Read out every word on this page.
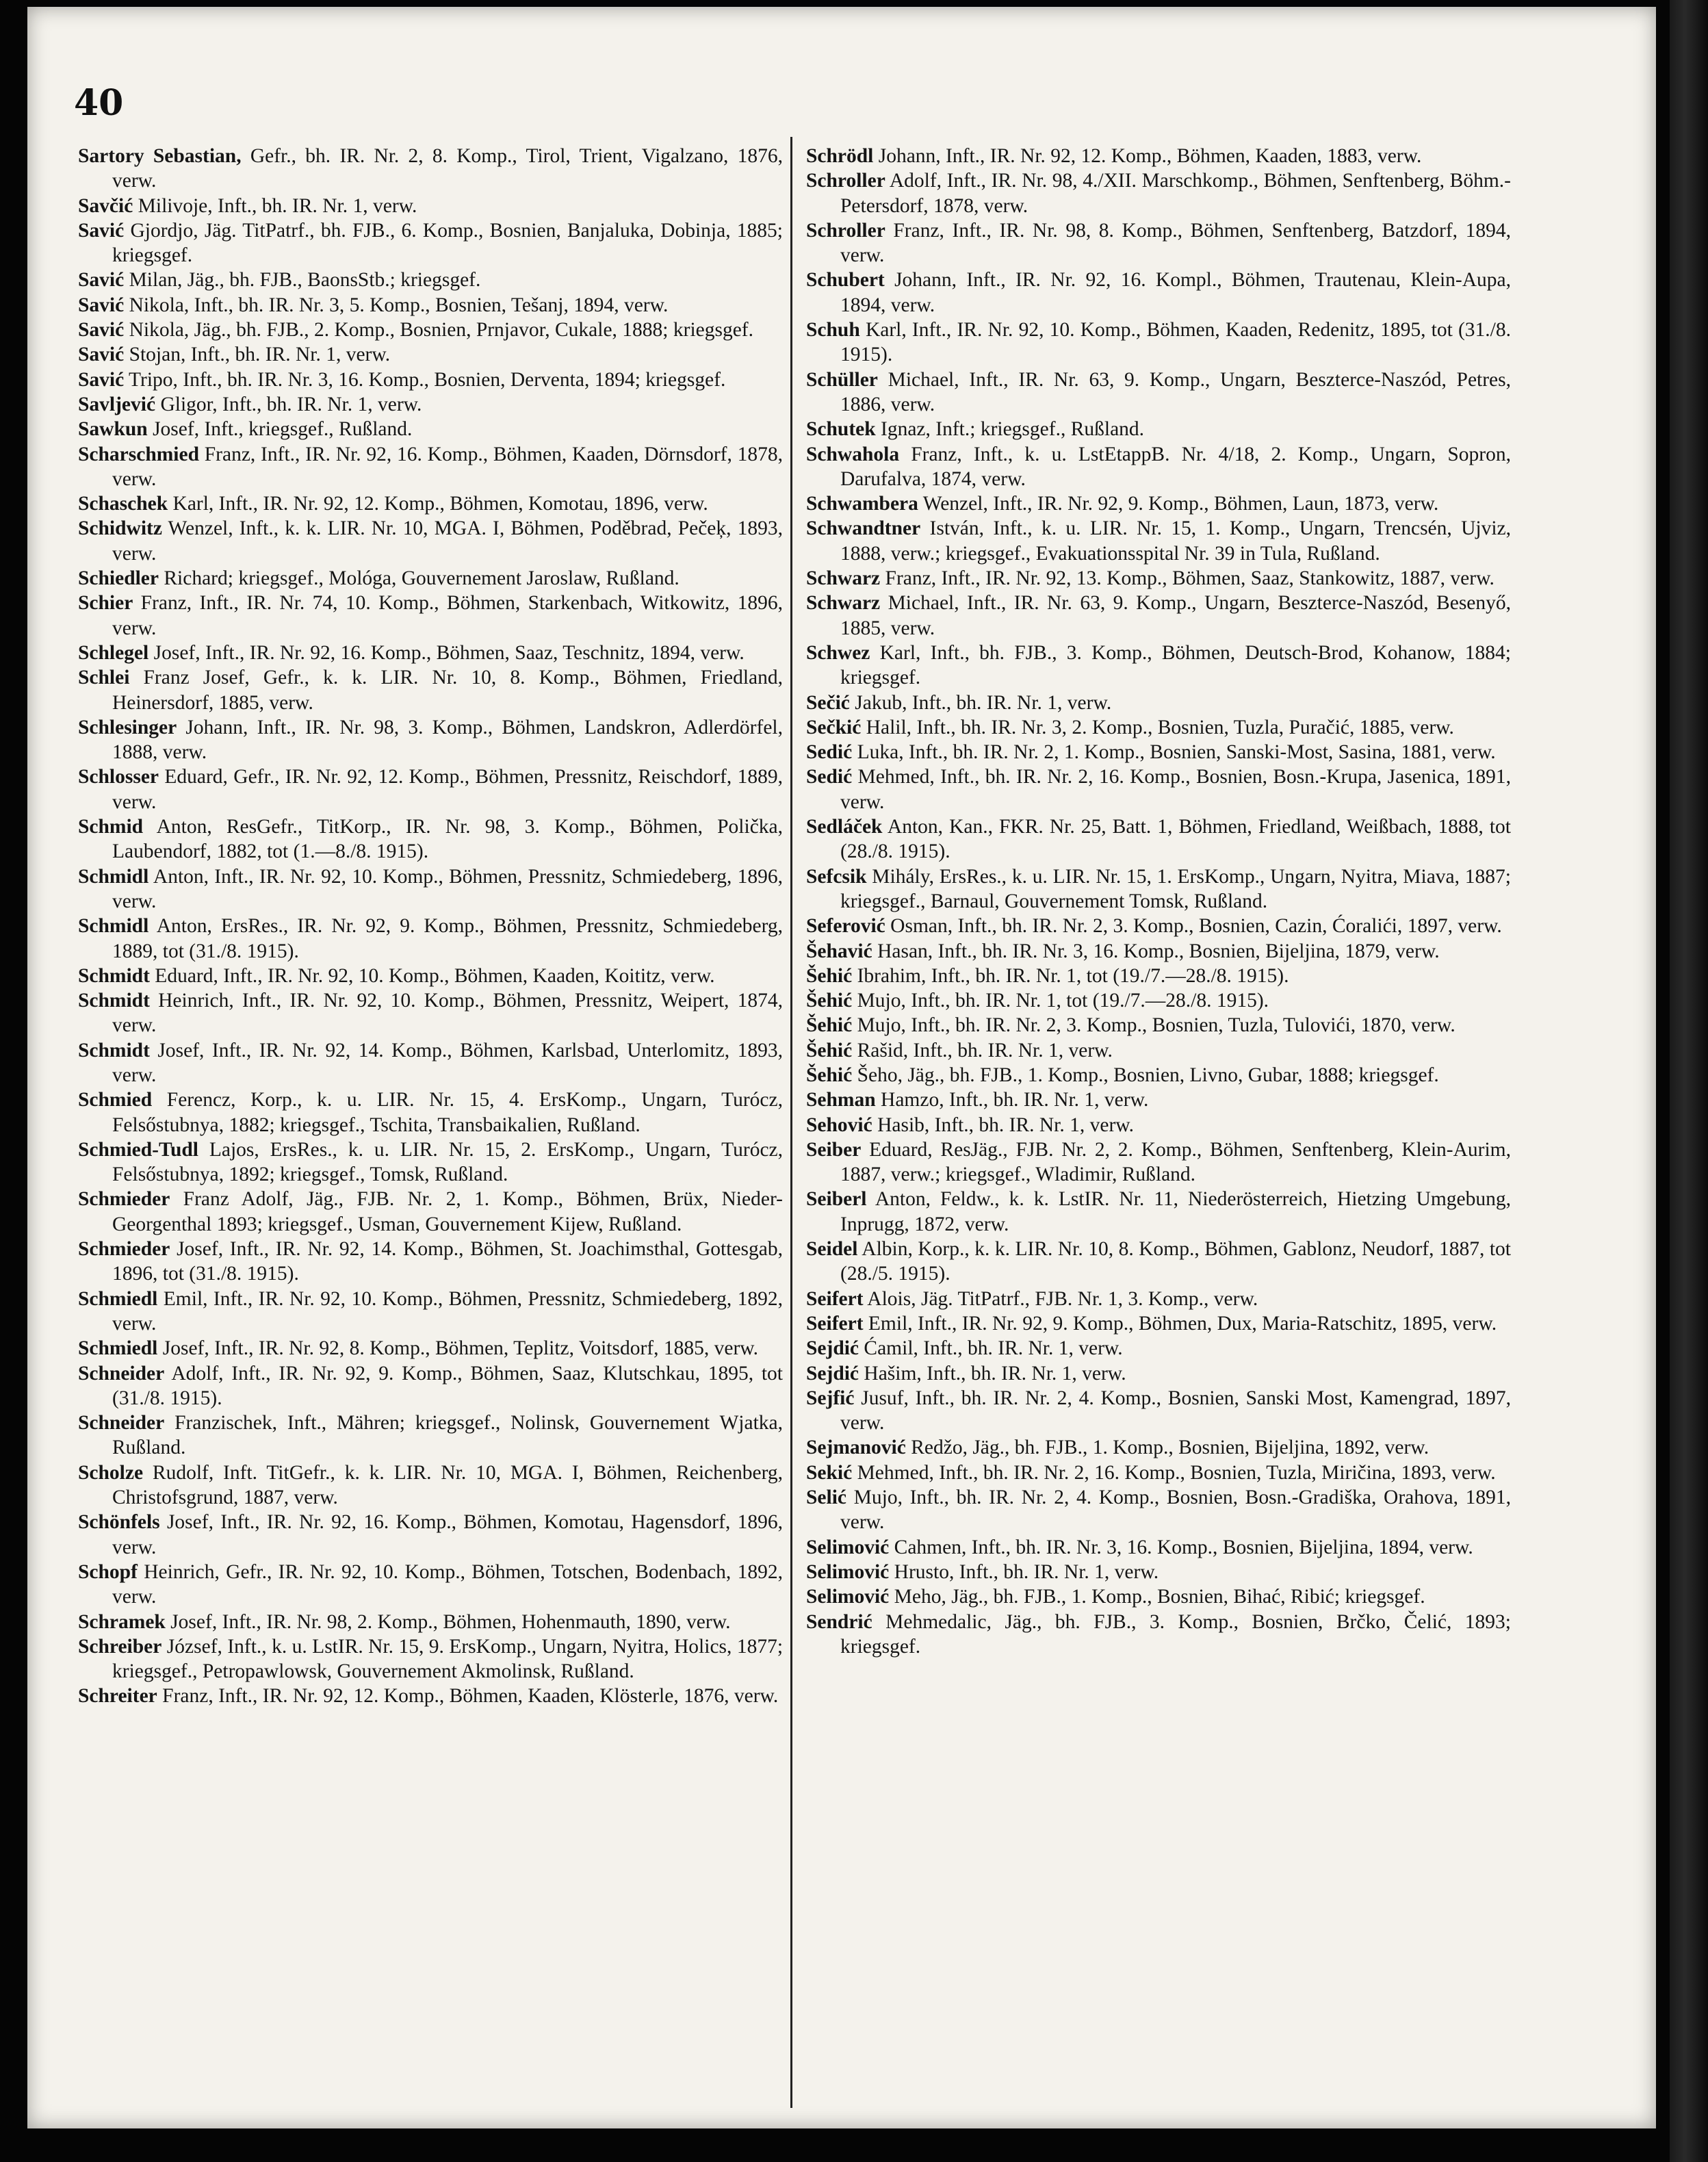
40

Sartory Sebastian, Gefr., bh. IR. Nr. 2, 8. Komp., Tirol, Trient, Vigalzano, 1876, verw.

Savčić Milivoje, Inft., bh. IR. Nr. 1, verw.

Savić Gjordjo, Jäg. TitPatrf., bh. FJB., 6. Komp., Bosnien, Banjaluka, Dobinja, 1885; kriegsgef.

Savić Milan, Jäg., bh. FJB., BaonsStb.; kriegsgef.

Savić Nikola, Inft., bh. IR. Nr. 3, 5. Komp., Bosnien, Tešanj, 1894, verw.

Savić Nikola, Jäg., bh. FJB., 2. Komp., Bosnien, Prnjavor, Cukale, 1888; kriegsgef.

Savić Stojan, Inft., bh. IR. Nr. 1, verw.

Savić Tripo, Inft., bh. IR. Nr. 3, 16. Komp., Bosnien, Derventa, 1894; kriegsgef.

Savljević Gligor, Inft., bh. IR. Nr. 1, verw.

Sawkun Josef, Inft., kriegsgef., Rußland.

Scharschmied Franz, Inft., IR. Nr. 92, 16. Komp., Böhmen, Kaaden, Dörnsdorf, 1878, verw.

Schaschek Karl, Inft., IR. Nr. 92, 12. Komp., Böhmen, Komotau, 1896, verw.

Schidwitz Wenzel, Inft., k. k. LIR. Nr. 10, MGA. I, Böhmen, Poděbrad, Pečeķ, 1893, verw.

Schiedler Richard; kriegsgef., Mológa, Gouvernement Jaroslaw, Rußland.

Schier Franz, Inft., IR. Nr. 74, 10. Komp., Böhmen, Starkenbach, Witkowitz, 1896, verw.

Schlegel Josef, Inft., IR. Nr. 92, 16. Komp., Böhmen, Saaz, Teschnitz, 1894, verw.

Schlei Franz Josef, Gefr., k. k. LIR. Nr. 10, 8. Komp., Böhmen, Friedland, Heinersdorf, 1885, verw.

Schlesinger Johann, Inft., IR. Nr. 98, 3. Komp., Böhmen, Landskron, Adlerdörfel, 1888, verw.

Schlosser Eduard, Gefr., IR. Nr. 92, 12. Komp., Böhmen, Pressnitz, Reischdorf, 1889, verw.

Schmid Anton, ResGefr., TitKorp., IR. Nr. 98, 3. Komp., Böhmen, Polička, Laubendorf, 1882, tot (1.—8./8. 1915).

Schmidl Anton, Inft., IR. Nr. 92, 10. Komp., Böhmen, Pressnitz, Schmiedeberg, 1896, verw.

Schmidl Anton, ErsRes., IR. Nr. 92, 9. Komp., Böhmen, Pressnitz, Schmiedeberg, 1889, tot (31./8. 1915).

Schmidt Eduard, Inft., IR. Nr. 92, 10. Komp., Böhmen, Kaaden, Koititz, verw.

Schmidt Heinrich, Inft., IR. Nr. 92, 10. Komp., Böhmen, Pressnitz, Weipert, 1874, verw.

Schmidt Josef, Inft., IR. Nr. 92, 14. Komp., Böhmen, Karlsbad, Unterlomitz, 1893, verw.

Schmied Ferencz, Korp., k. u. LIR. Nr. 15, 4. ErsKomp., Ungarn, Turócz, Felsőstubnya, 1882; kriegsgef., Tschita, Transbaikalien, Rußland.

Schmied-Tudl Lajos, ErsRes., k. u. LIR. Nr. 15, 2. ErsKomp., Ungarn, Turócz, Felsőstubnya, 1892; kriegsgef., Tomsk, Rußland.

Schmieder Franz Adolf, Jäg., FJB. Nr. 2, 1. Komp., Böhmen, Brüx, Nieder-Georgenthal 1893; kriegsgef., Usman, Gouvernement Kijew, Rußland.

Schmieder Josef, Inft., IR. Nr. 92, 14. Komp., Böhmen, St. Joachimsthal, Gottesgab, 1896, tot (31./8. 1915).

Schmiedl Emil, Inft., IR. Nr. 92, 10. Komp., Böhmen, Pressnitz, Schmiedeberg, 1892, verw.

Schmiedl Josef, Inft., IR. Nr. 92, 8. Komp., Böhmen, Teplitz, Voitsdorf, 1885, verw.

Schneider Adolf, Inft., IR. Nr. 92, 9. Komp., Böhmen, Saaz, Klutschkau, 1895, tot (31./8. 1915).

Schneider Franzischek, Inft., Mähren; kriegsgef., Nolinsk, Gouvernement Wjatka, Rußland.

Scholze Rudolf, Inft. TitGefr., k. k. LIR. Nr. 10, MGA. I, Böhmen, Reichenberg, Christofsgrund, 1887, verw.

Schönfels Josef, Inft., IR. Nr. 92, 16. Komp., Böhmen, Komotau, Hagensdorf, 1896, verw.

Schopf Heinrich, Gefr., IR. Nr. 92, 10. Komp., Böhmen, Totschen, Bodenbach, 1892, verw.

Schramek Josef, Inft., IR. Nr. 98, 2. Komp., Böhmen, Hohenmauth, 1890, verw.

Schreiber József, Inft., k. u. LstIR. Nr. 15, 9. ErsKomp., Ungarn, Nyitra, Holics, 1877; kriegsgef., Petropawlowsk, Gouvernement Akmolinsk, Rußland.

Schreiter Franz, Inft., IR. Nr. 92, 12. Komp., Böhmen, Kaaden, Klösterle, 1876, verw.

Schrödl Johann, Inft., IR. Nr. 92, 12. Komp., Böhmen, Kaaden, 1883, verw.

Schroller Adolf, Inft., IR. Nr. 98, 4./XII. Marschkomp., Böhmen, Senftenberg, Böhm.-Petersdorf, 1878, verw.

Schroller Franz, Inft., IR. Nr. 98, 8. Komp., Böhmen, Senftenberg, Batzdorf, 1894, verw.

Schubert Johann, Inft., IR. Nr. 92, 16. Kompl., Böhmen, Trautenau, Klein-Aupa, 1894, verw.

Schuh Karl, Inft., IR. Nr. 92, 10. Komp., Böhmen, Kaaden, Redenitz, 1895, tot (31./8. 1915).

Schüller Michael, Inft., IR. Nr. 63, 9. Komp., Ungarn, Beszterce-Naszód, Petres, 1886, verw.

Schutek Ignaz, Inft.; kriegsgef., Rußland.

Schwahola Franz, Inft., k. u. LstEtappB. Nr. 4/18, 2. Komp., Ungarn, Sopron, Darufalva, 1874, verw.

Schwambera Wenzel, Inft., IR. Nr. 92, 9. Komp., Böhmen, Laun, 1873, verw.

Schwandtner István, Inft., k. u. LIR. Nr. 15, 1. Komp., Ungarn, Trencsén, Ujviz, 1888, verw.; kriegsgef., Evakuationsspital Nr. 39 in Tula, Rußland.

Schwarz Franz, Inft., IR. Nr. 92, 13. Komp., Böhmen, Saaz, Stankowitz, 1887, verw.

Schwarz Michael, Inft., IR. Nr. 63, 9. Komp., Ungarn, Beszterce-Naszód, Besenyő, 1885, verw.

Schwez Karl, Inft., bh. FJB., 3. Komp., Böhmen, Deutsch-Brod, Kohanow, 1884; kriegsgef.

Sečić Jakub, Inft., bh. IR. Nr. 1, verw.

Sečkić Halil, Inft., bh. IR. Nr. 3, 2. Komp., Bosnien, Tuzla, Puračić, 1885, verw.

Sedić Luka, Inft., bh. IR. Nr. 2, 1. Komp., Bosnien, Sanski-Most, Sasina, 1881, verw.

Sedić Mehmed, Inft., bh. IR. Nr. 2, 16. Komp., Bosnien, Bosn.-Krupa, Jasenica, 1891, verw.

Sedláček Anton, Kan., FKR. Nr. 25, Batt. 1, Böhmen, Friedland, Weißbach, 1888, tot (28./8. 1915).

Sefcsik Mihály, ErsRes., k. u. LIR. Nr. 15, 1. ErsKomp., Ungarn, Nyitra, Miava, 1887; kriegsgef., Barnaul, Gouvernement Tomsk, Rußland.

Seferović Osman, Inft., bh. IR. Nr. 2, 3. Komp., Bosnien, Cazin, Ćoralići, 1897, verw.

Šehavić Hasan, Inft., bh. IR. Nr. 3, 16. Komp., Bosnien, Bijeljina, 1879, verw.

Šehić Ibrahim, Inft., bh. IR. Nr. 1, tot (19./7.—28./8. 1915).

Šehić Mujo, Inft., bh. IR. Nr. 1, tot (19./7.—28./8. 1915).

Šehić Mujo, Inft., bh. IR. Nr. 2, 3. Komp., Bosnien, Tuzla, Tulovići, 1870, verw.

Šehić Rašid, Inft., bh. IR. Nr. 1, verw.

Šehić Šeho, Jäg., bh. FJB., 1. Komp., Bosnien, Livno, Gubar, 1888; kriegsgef.

Sehman Hamzo, Inft., bh. IR. Nr. 1, verw.

Sehović Hasib, Inft., bh. IR. Nr. 1, verw.

Seiber Eduard, ResJäg., FJB. Nr. 2, 2. Komp., Böhmen, Senftenberg, Klein-Aurim, 1887, verw.; kriegsgef., Wladimir, Rußland.

Seiberl Anton, Feldw., k. k. LstIR. Nr. 11, Niederösterreich, Hietzing Umgebung, Inprugg, 1872, verw.

Seidel Albin, Korp., k. k. LIR. Nr. 10, 8. Komp., Böhmen, Gablonz, Neudorf, 1887, tot (28./5. 1915).

Seifert Alois, Jäg. TitPatrf., FJB. Nr. 1, 3. Komp., verw.

Seifert Emil, Inft., IR. Nr. 92, 9. Komp., Böhmen, Dux, Maria-Ratschitz, 1895, verw.

Sejdić Ćamil, Inft., bh. IR. Nr. 1, verw.

Sejdić Hašim, Inft., bh. IR. Nr. 1, verw.

Sejfić Jusuf, Inft., bh. IR. Nr. 2, 4. Komp., Bosnien, Sanski Most, Kamengrad, 1897, verw.

Sejmanović Redžo, Jäg., bh. FJB., 1. Komp., Bosnien, Bijeljina, 1892, verw.

Sekić Mehmed, Inft., bh. IR. Nr. 2, 16. Komp., Bosnien, Tuzla, Miričina, 1893, verw.

Selić Mujo, Inft., bh. IR. Nr. 2, 4. Komp., Bosnien, Bosn.-Gradiška, Orahova, 1891, verw.

Selimović Cahmen, Inft., bh. IR. Nr. 3, 16. Komp., Bosnien, Bijeljina, 1894, verw.

Selimović Hrusto, Inft., bh. IR. Nr. 1, verw.

Selimović Meho, Jäg., bh. FJB., 1. Komp., Bosnien, Bihać, Ribić; kriegsgef.

Sendrić Mehmedalic, Jäg., bh. FJB., 3. Komp., Bosnien, Brčko, Čelić, 1893; kriegsgef.
